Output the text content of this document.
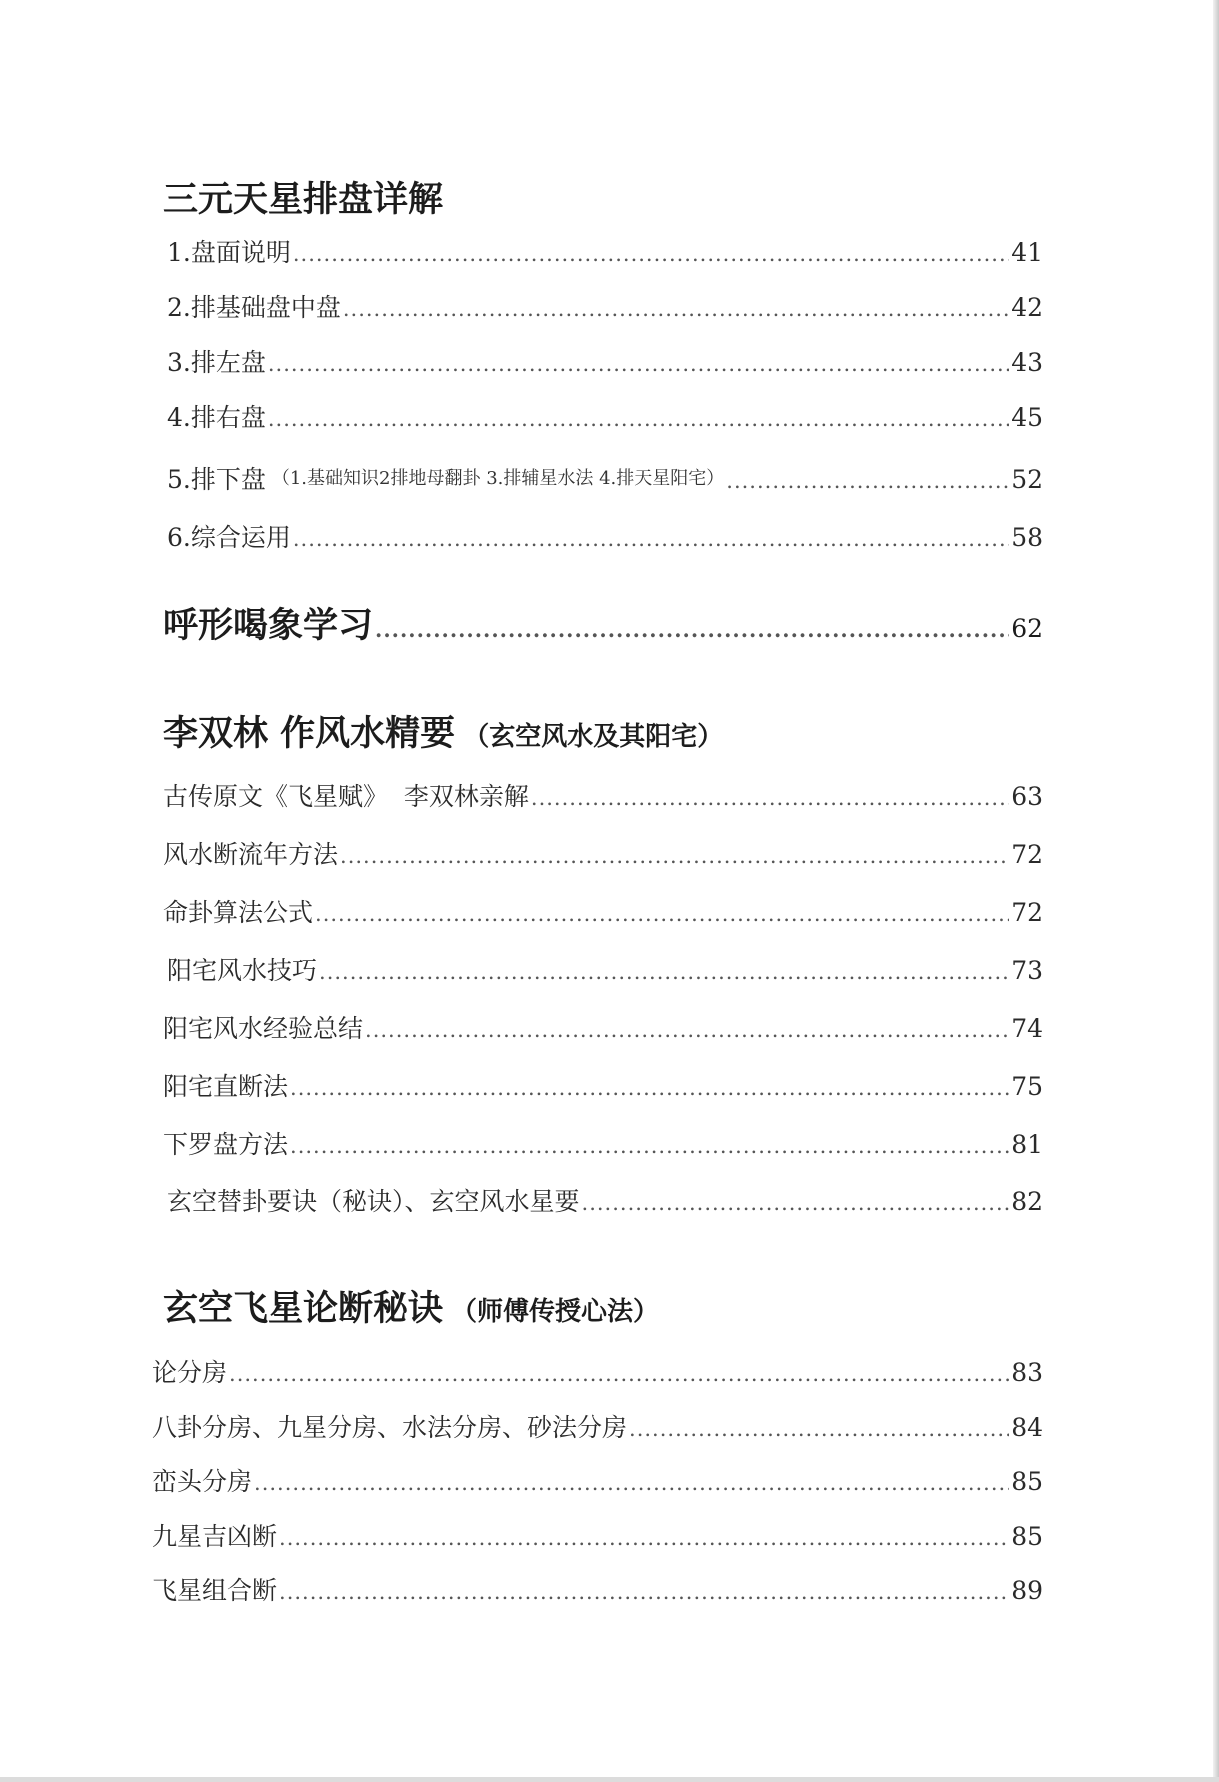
三元天星排盘详解
1.盘面说明 .....	41
2.排基础盘中盘 .....	42
3.排左盘 .....	43
4.排右盘 .....	45
5.排下盘 （1.基础知识2排地母翻卦 3.排辅星水法 4.排天星阳宅） .....	52
6.综合运用 .....	58
呼形喝象学习 .....	62
李双林 作风水精要 （玄空风水及其阳宅）
古传原文《飞星赋》  李双林亲解 .....	63
风水断流年方法 .....	72
命卦算法公式 .....	72
阳宅风水技巧 .....	73
阳宅风水经验总结 .....	74
阳宅直断法 .....	75
下罗盘方法 .....	81
玄空替卦要诀（秘诀）、玄空风水星要 .....	82
玄空飞星论断秘诀 （师傅传授心法）
论分房 .....	83
八卦分房、九星分房、水法分房、砂法分房 .....	84
峦头分房 .....	85
九星吉凶断 .....	85
飞星组合断 .....	89
